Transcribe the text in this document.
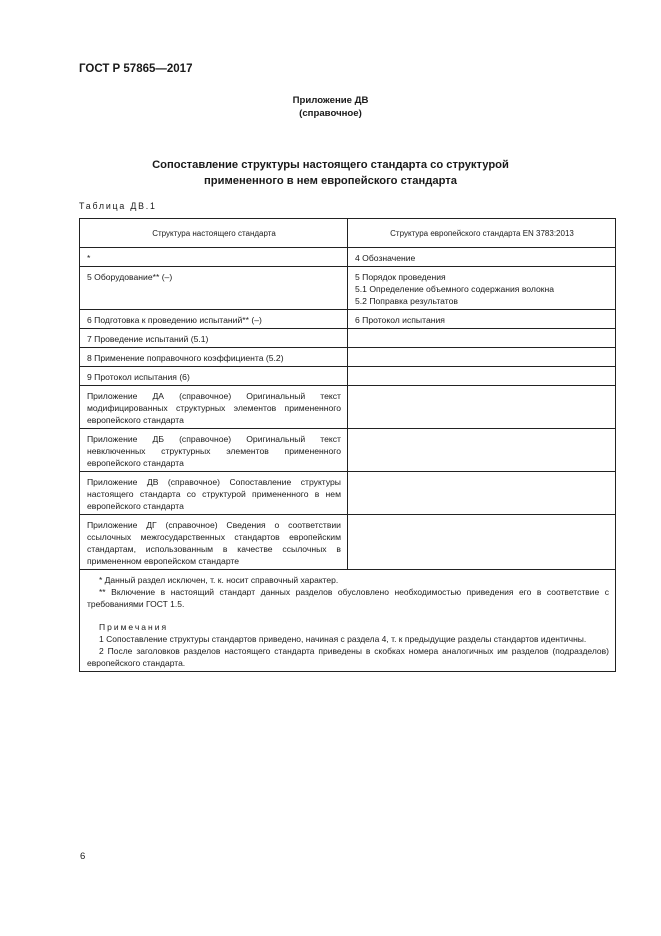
ГОСТ Р 57865—2017
Приложение ДВ
(справочное)
Сопоставление структуры настоящего стандарта со структурой
примененного в нем европейского стандарта
Таблица ДВ.1
Структура настоящего стандарта	Структура европейского стандарта EN 3783:2013

*	4 Обозначение

5 Оборудование** (–)	5 Порядок проведения
5.1 Определение объемного содержания волокна
5.2 Поправка результатов

6 Подготовка к проведению испытаний** (–)	6 Протокол испытания

7 Проведение испытаний (5.1)	

8 Применение поправочного коэффициента (5.2)	

9 Протокол испытания (6)	

Приложение ДА (справочное) Оригинальный текст модифицированных структурных элементов примененного европейского стандарта	

Приложение ДБ (справочное) Оригинальный текст невключенных структурных элементов примененного европейского стандарта	

Приложение ДВ (справочное) Сопоставление структуры настоящего стандарта со структурой примененного в нем европейского стандарта	

Приложение ДГ (справочное) Сведения о соответствии ссылочных межгосударственных стандартов европейским стандартам, использованным в качестве ссылочных в примененном европейском стандарте	

* Данный раздел исключен, т. к. носит справочный характер.
** Включение в настоящий стандарт данных разделов обусловлено необходимостью приведения его в соответствие с требованиями ГОСТ 1.5.
Примечания
1 Сопоставление структуры стандартов приведено, начиная с раздела 4, т. к предыдущие разделы стандартов идентичны.
2 После заголовков разделов настоящего стандарта приведены в скобках номера аналогичных им разделов (подразделов) европейского стандарта.	
6
